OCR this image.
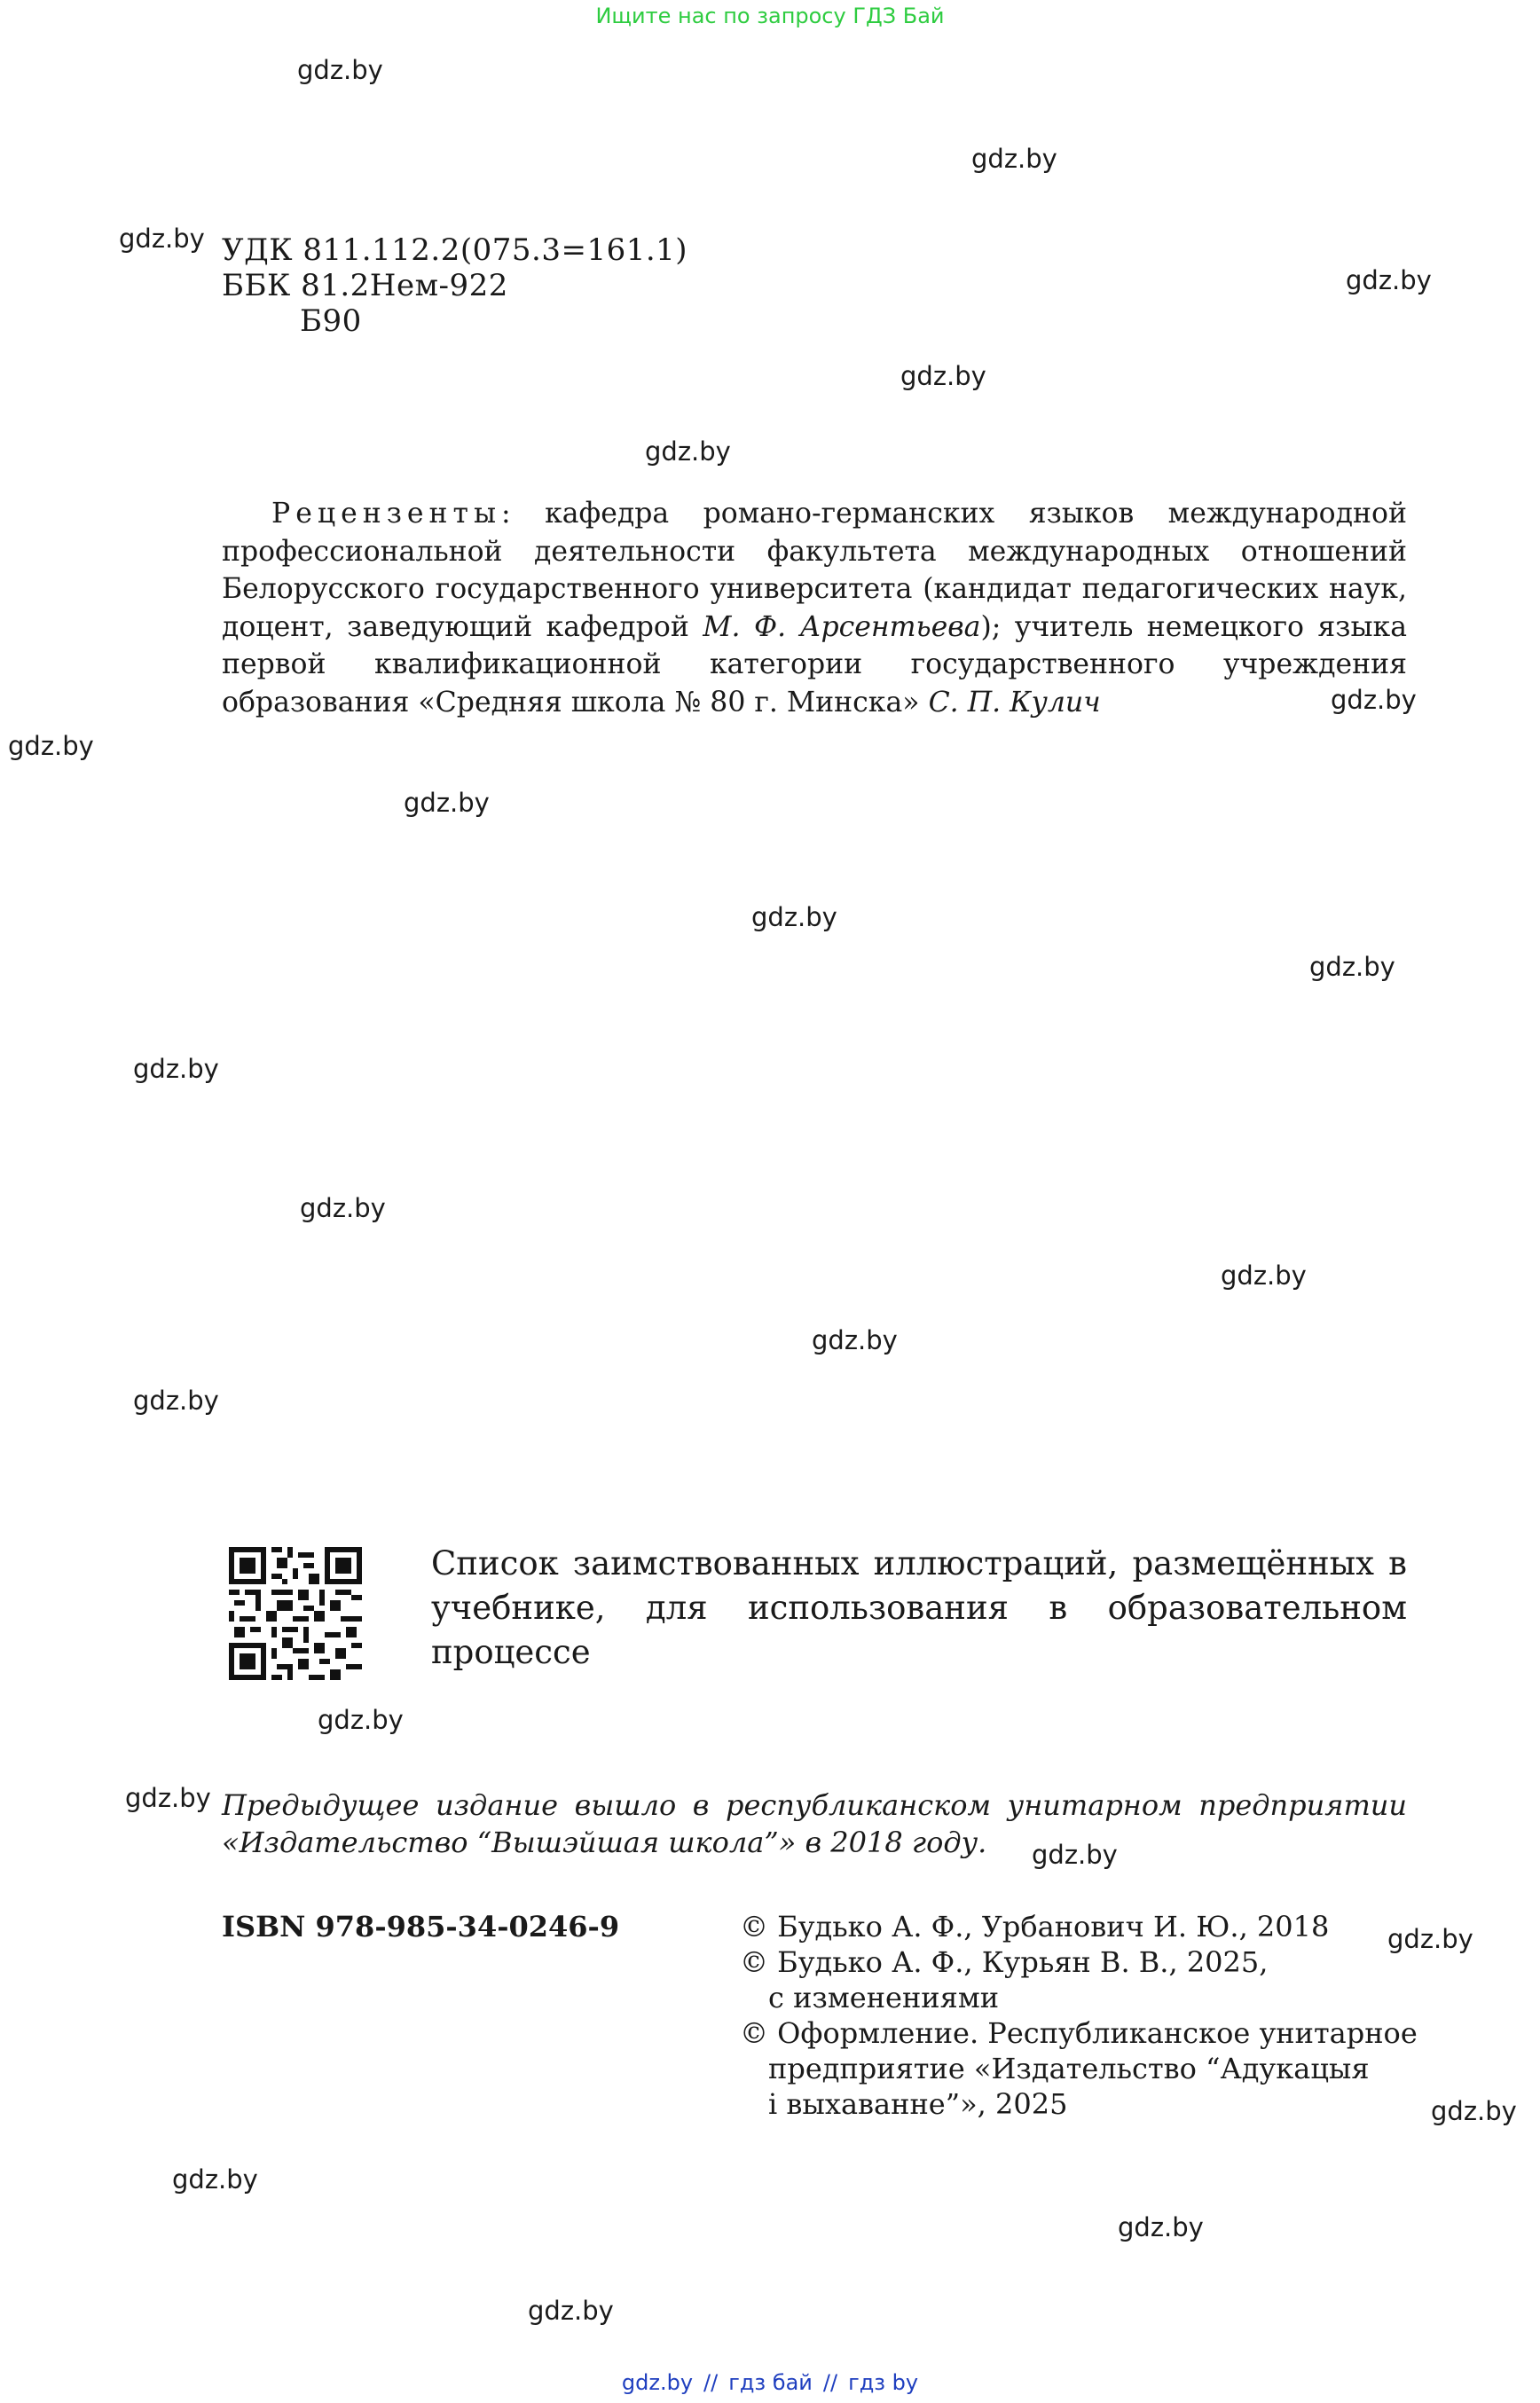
Ищите нас по запросу ГДЗ Бай
gdz.by
gdz.by
gdz.by
gdz.by
gdz.by
gdz.by
gdz.by
gdz.by
gdz.by
gdz.by
gdz.by
gdz.by
gdz.by
gdz.by
gdz.by
gdz.by
gdz.by
gdz.by
gdz.by
gdz.by
gdz.by
gdz.by
gdz.by
gdz.by
УДК 811.112.2(075.3=161.1)
ББК 81.2Нем-922
Б90

Рецензенты: кафедра романо-германских языков международной профессиональной деятельности факультета международных отношений Белорусского государственного университета (кандидат педагогических наук, доцент, заведующий кафедрой М. Ф. Арсентьева); учитель немецкого языка первой квалификационной категории государственного учреждения образования «Средняя школа № 80 г. Минска» С. П. Кулич

Список заимствованных иллюстраций, размещённых в учебнике, для использования в образовательном процессе

Предыдущее издание вышло в республиканском унитарном предприятии «Издательство “Вышэйшая школа”» в 2018 году.

ISBN 978-985-34-0246-9	© Будько А. Ф., Урбанович И. Ю., 2018
© Будько А. Ф., Курьян В. В., 2025,
с изменениями
© Оформление. Республиканское унитарное
предприятие «Издательство “Адукацыя
і выхаванне”», 2025
gdz.by // гдз бай // гдз by
